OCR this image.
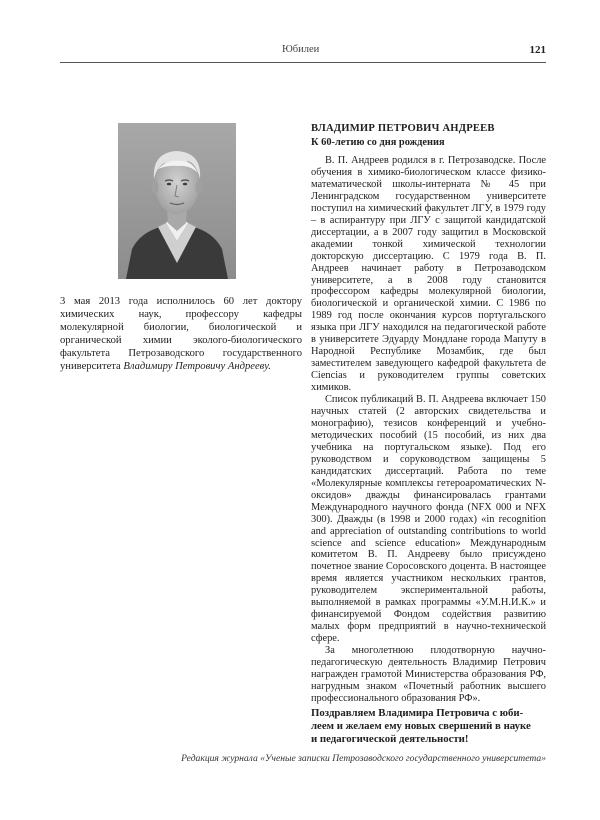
Юбилеи	121
3 мая 2013 года исполнилось 60 лет доктору химических наук, профессору кафедры молекулярной биологии, биологической и органической химии эколого-биологического факультета Петрозаводского государственного университета Владимиру Петровичу Андрееву.
ВЛАДИМИР ПЕТРОВИЧ АНДРЕЕВ
К 60-летию со дня рождения

В. П. Андреев родился в г. Петрозаводске. После обучения в химико-биологическом классе физико-математической школы-интерната № 45 при Ленинградском государственном университете поступил на химический факультет ЛГУ, в 1979 году – в аспирантуру при ЛГУ с защитой кандидатской диссертации, а в 2007 году защитил в Московской академии тонкой химической технологии докторскую диссертацию. С 1979 года В. П. Андреев начинает работу в Петрозаводском университете, а в 2008 году становится профессором кафедры молекулярной биологии, биологической и органической химии. С 1986 по 1989 год после окончания курсов португальского языка при ЛГУ находился на педагогической работе в университете Эдуарду Мондлане города Мапуту в Народной Республике Мозамбик, где был заместителем заведующего кафедрой факультета de Ciencias и руководителем группы советских химиков.

Список публикаций В. П. Андреева включает 150 научных статей (2 авторских свидетельства и монографию), тезисов конференций и учебно-методических пособий (15 пособий, из них два учебника на португальском языке). Под его руководством и соруководством защищены 5 кандидатских диссертаций. Работа по теме «Молекулярные комплексы гетероароматических N-оксидов» дважды финансировалась грантами Международного научного фонда (NFX 000 и NFX 300). Дважды (в 1998 и 2000 годах) «in recognition and appreciation of outstanding contributions to world science and science education» Международным комитетом В. П. Андрееву было присуждено почетное звание Соросовского доцента. В настоящее время является участником нескольких грантов, руководителем экспериментальной работы, выполняемой в рамках программы «У.М.Н.И.К.» и финансируемой Фондом содействия развитию малых форм предприятий в научно-технической сфере.

За многолетнюю плодотворную научно-педагогическую деятельность Владимир Петрович награжден грамотой Министерства образования РФ, нагрудным знаком «Почетный работник высшего профессионального образования РФ».

Поздравляем Владимира Петровича с юби-
леем и желаем ему новых свершений в науке
и педагогической деятельности!
Редакция журнала «Ученые записки Петрозаводского государственного университета»
